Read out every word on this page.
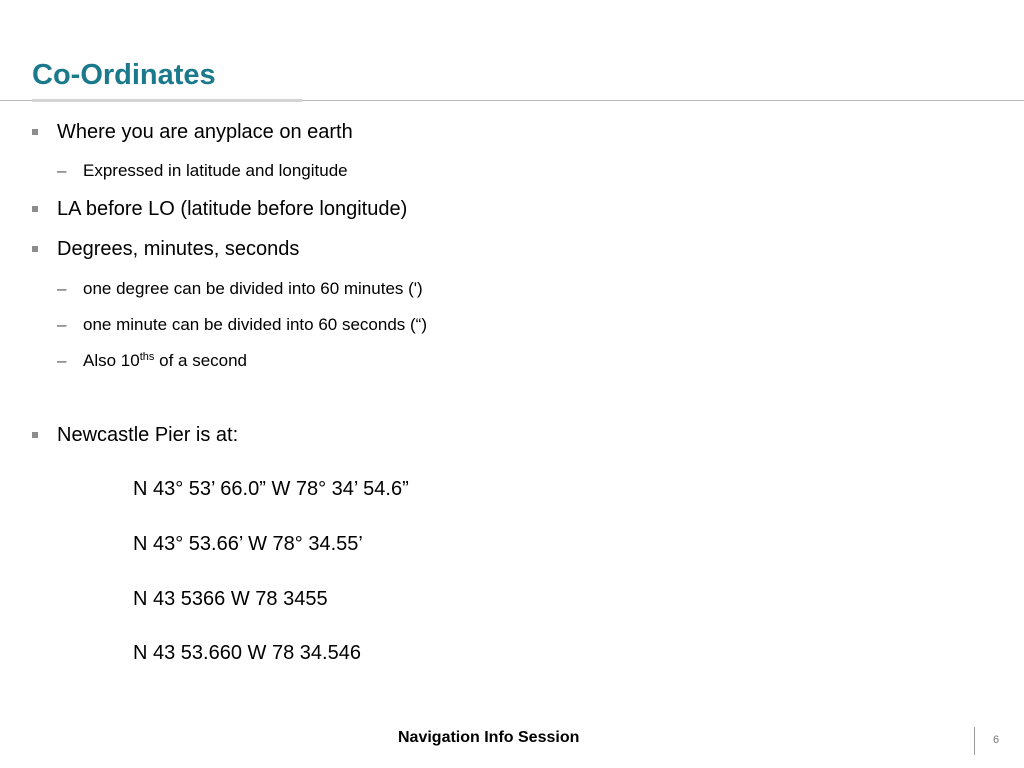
Co-Ordinates
Where you are anyplace on earth
– Expressed in latitude and longitude
LA before LO (latitude before longitude)
Degrees, minutes, seconds
– one degree can be divided into 60 minutes (')
– one minute can be divided into 60 seconds (“)
– Also $10^{ths}$ of a second
Newcastle Pier is at:
N 43° 53’ 66.0” W 78° 34’ 54.6”
N 43° 53.66’ W 78° 34.55’
N 43 5366 W 78 3455
N 43 53.660 W 78 34.546
Navigation Info Session	6
